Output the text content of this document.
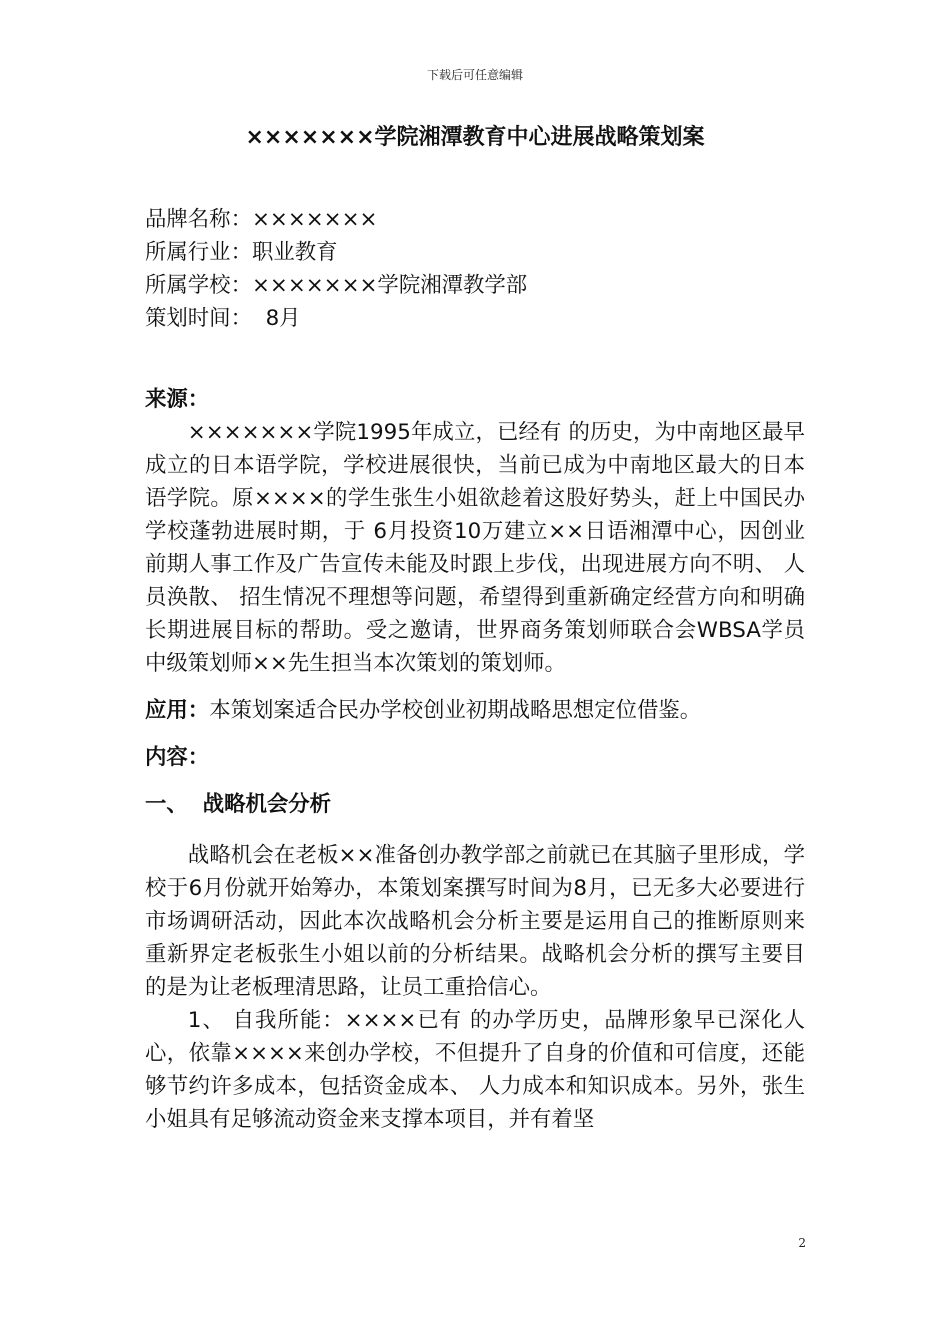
下载后可任意编辑
×××××××学院湘潭教育中心进展战略策划案

品牌名称：×××××××

所属行业：职业教育

所属学校：×××××××学院湘潭教学部

策划时间：  8月

来源：

×××××××学院1995年成立，已经有 的历史，为中南地区最早成立的日本语学院，学校进展很快，当前已成为中南地区最大的日本语学院。原××××的学生张生小姐欲趁着这股好势头，赶上中国民办学校蓬勃进展时期，于 6月投资10万建立××日语湘潭中心，因创业前期人事工作及广告宣传未能及时跟上步伐，出现进展方向不明、 人员涣散、 招生情况不理想等问题，希望得到重新确定经营方向和明确长期进展目标的帮助。受之邀请，世界商务策划师联合会WBSA学员中级策划师××先生担当本次策划的策划师。

应用：本策划案适合民办学校创业初期战略思想定位借鉴。

内容：

一、  战略机会分析

战略机会在老板××准备创办教学部之前就已在其脑子里形成，学校于6月份就开始筹办，本策划案撰写时间为8月，已无多大必要进行市场调研活动，因此本次战略机会分析主要是运用自己的推断原则来重新界定老板张生小姐以前的分析结果。战略机会分析的撰写主要目的是为让老板理清思路，让员工重拾信心。

1、 自我所能：××××已有 的办学历史，品牌形象早已深化人心，依靠××××来创办学校，不但提升了自身的价值和可信度，还能够节约许多成本，包括资金成本、 人力成本和知识成本。另外，张生小姐具有足够流动资金来支撑本项目，并有着坚

2
